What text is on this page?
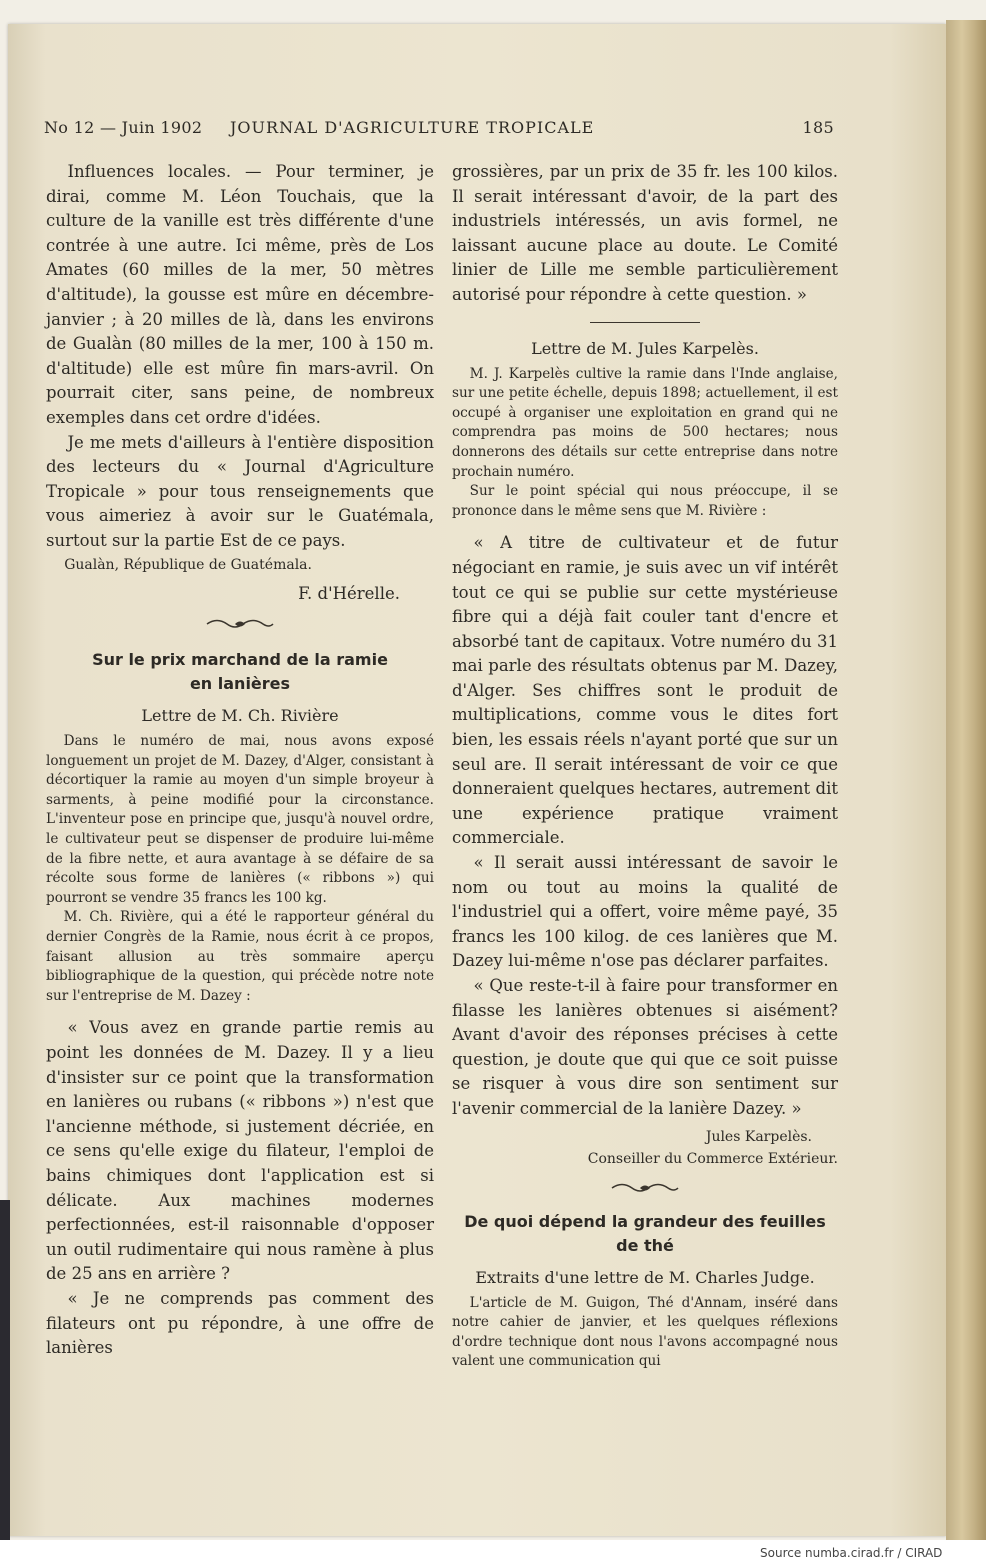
No 12 — Juin 1902 JOURNAL D'AGRICULTURE TROPICALE	185

Influences locales. — Pour terminer, je dirai, comme M. Léon Touchais, que la culture de la vanille est très différente d'une contrée à une autre. Ici même, près de Los Amates (60 milles de la mer, 50 mètres d'altitude), la gousse est mûre en décembre-janvier ; à 20 milles de là, dans les environs de Gualàn (80 milles de la mer, 100 à 150 m. d'altitude) elle est mûre fin mars-avril. On pourrait citer, sans peine, de nombreux exemples dans cet ordre d'idées.

Je me mets d'ailleurs à l'entière disposition des lecteurs du « Journal d'Agriculture Tropicale » pour tous renseignements que vous aimeriez à avoir sur le Guatémala, surtout sur la partie Est de ce pays.

Gualàn, République de Guatémala.

F. d'Hérelle.

Sur le prix marchand de la ramie

en lanières

Lettre de M. Ch. Rivière

Dans le numéro de mai, nous avons exposé longuement un projet de M. Dazey, d'Alger, consistant à décortiquer la ramie au moyen d'un simple broyeur à sarments, à peine modifié pour la circonstance. L'inventeur pose en principe que, jusqu'à nouvel ordre, le cultivateur peut se dispenser de produire lui-même de la fibre nette, et aura avantage à se défaire de sa récolte sous forme de lanières (« ribbons ») qui pourront se vendre 35 francs les 100 kg.

M. Ch. Rivière, qui a été le rapporteur général du dernier Congrès de la Ramie, nous écrit à ce propos, faisant allusion au très sommaire aperçu bibliographique de la question, qui précède notre note sur l'entreprise de M. Dazey :

« Vous avez en grande partie remis au point les données de M. Dazey. Il y a lieu d'insister sur ce point que la transformation en lanières ou rubans (« ribbons ») n'est que l'ancienne méthode, si justement décriée, en ce sens qu'elle exige du filateur, l'emploi de bains chimiques dont l'application est si délicate. Aux machines modernes perfectionnées, est-il raisonnable d'opposer un outil rudimentaire qui nous ramène à plus de 25 ans en arrière ?

« Je ne comprends pas comment des filateurs ont pu répondre, à une offre de lanières

grossières, par un prix de 35 fr. les 100 kilos. Il serait intéressant d'avoir, de la part des industriels intéressés, un avis formel, ne laissant aucune place au doute. Le Comité linier de Lille me semble particulièrement autorisé pour répondre à cette question. »

Lettre de M. Jules Karpelès.

M. J. Karpelès cultive la ramie dans l'Inde anglaise, sur une petite échelle, depuis 1898; actuellement, il est occupé à organiser une exploitation en grand qui ne comprendra pas moins de 500 hectares; nous donnerons des détails sur cette entreprise dans notre prochain numéro.

Sur le point spécial qui nous préoccupe, il se prononce dans le même sens que M. Rivière :

« A titre de cultivateur et de futur négociant en ramie, je suis avec un vif intérêt tout ce qui se publie sur cette mystérieuse fibre qui a déjà fait couler tant d'encre et absorbé tant de capitaux. Votre numéro du 31 mai parle des résultats obtenus par M. Dazey, d'Alger. Ses chiffres sont le produit de multiplications, comme vous le dites fort bien, les essais réels n'ayant porté que sur un seul are. Il serait intéressant de voir ce que donneraient quelques hectares, autrement dit une expérience pratique vraiment commerciale.

« Il serait aussi intéressant de savoir le nom ou tout au moins la qualité de l'industriel qui a offert, voire même payé, 35 francs les 100 kilog. de ces lanières que M. Dazey lui-même n'ose pas déclarer parfaites.

« Que reste-t-il à faire pour transformer en filasse les lanières obtenues si aisément? Avant d'avoir des réponses précises à cette question, je doute que qui que ce soit puisse se risquer à vous dire son sentiment sur l'avenir commercial de la lanière Dazey. »

Jules Karpelès.

Conseiller du Commerce Extérieur.

De quoi dépend la grandeur des feuilles

de thé

Extraits d'une lettre de M. Charles Judge.

L'article de M. Guigon, Thé d'Annam, inséré dans notre cahier de janvier, et les quelques réflexions d'ordre technique dont nous l'avons accompagné nous valent une communication qui

Source numba.cirad.fr / CIRAD
